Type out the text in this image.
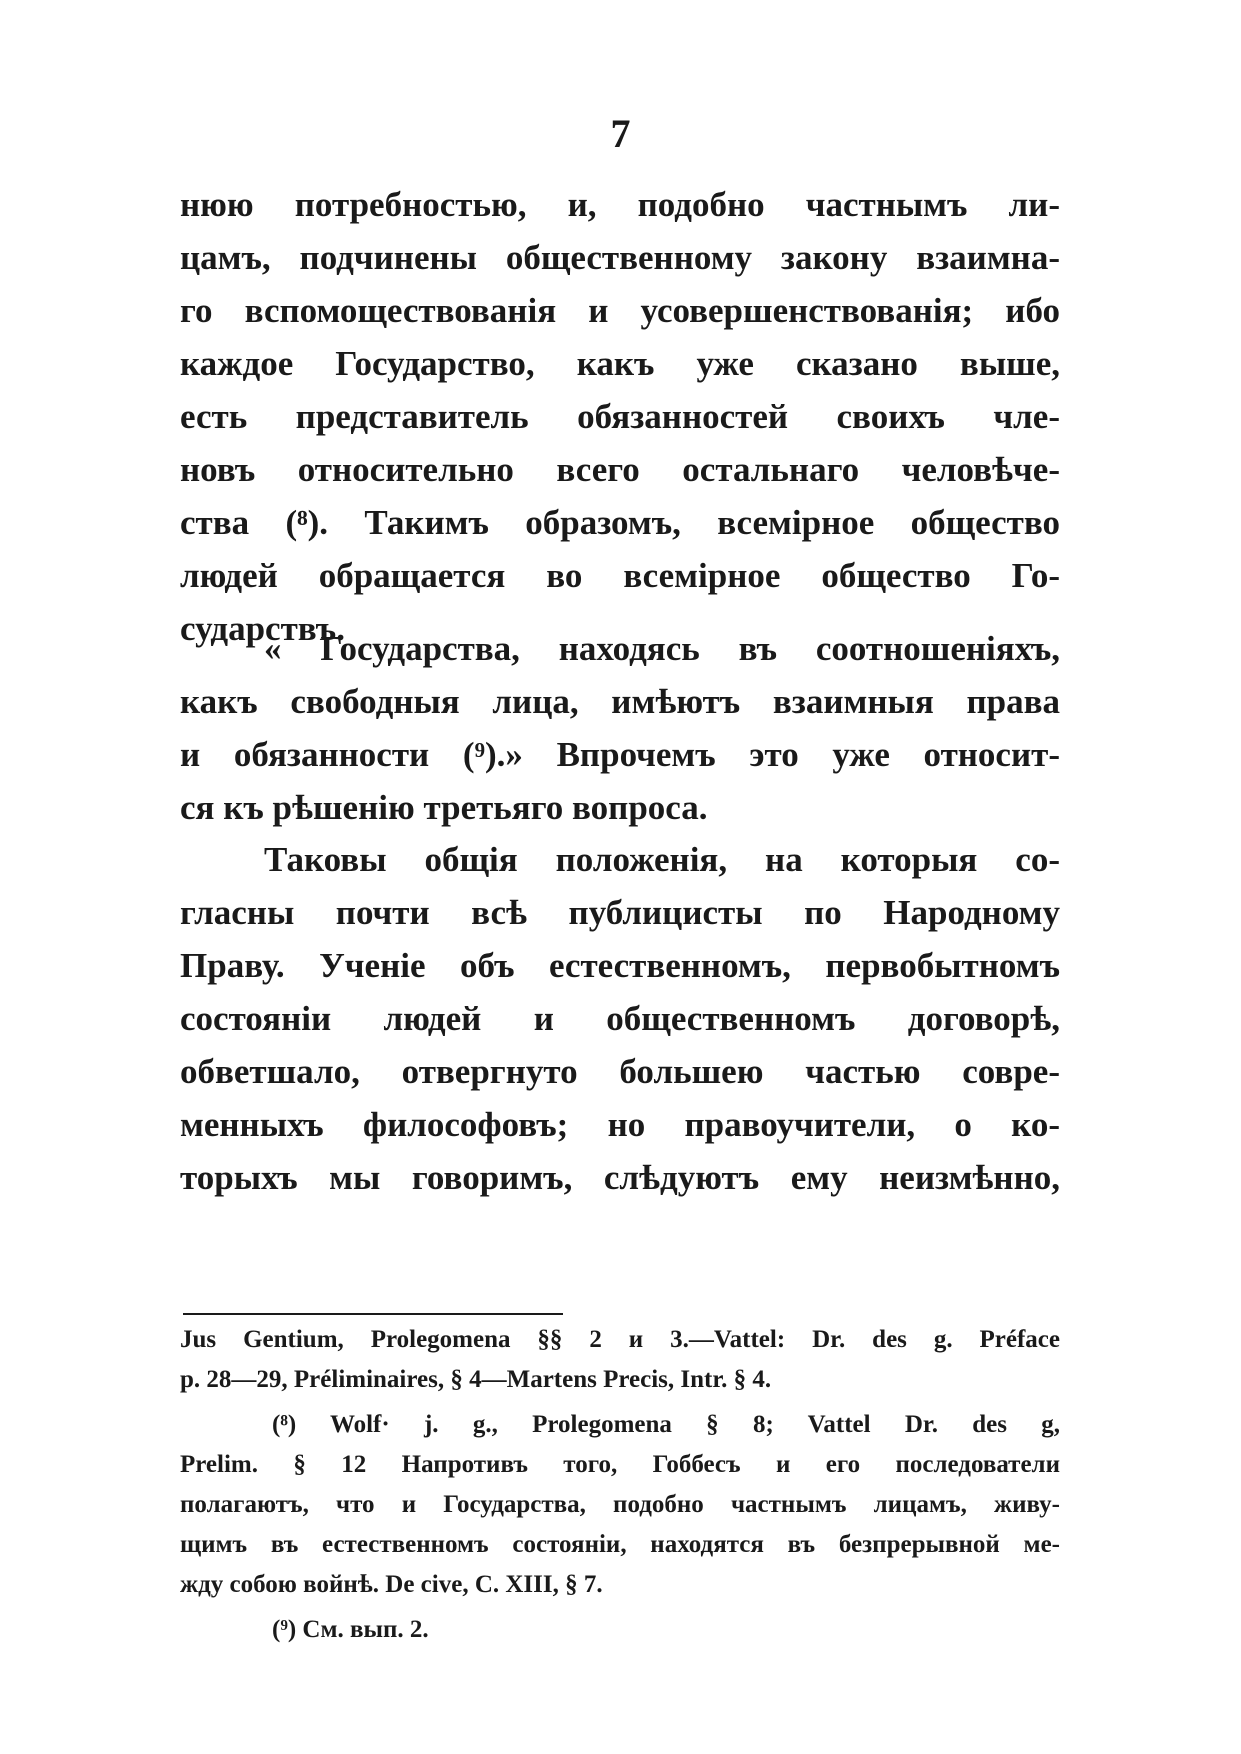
7
нюю потребностью, и, подобно частнымъ ли-
цамъ, подчинены общественному закону взаимна-
го вспомоществованія и усовершенствованія; ибо
каждое Государство, какъ уже сказано выше,
есть представитель обязанностей своихъ чле-
новъ относительно всего остальнаго человѣче-
ства (⁸). Такимъ образомъ, всемірное общество
людей обращается во всемірное общество Го-
сударствъ.
« Государства, находясь въ соотношеніяхъ,
какъ свободныя лица, имѣютъ взаимныя права
и обязанности (⁹).» Впрочемъ это уже относит-
ся къ рѣшенію третьяго вопроса.
Таковы общія положенія, на которыя со-
гласны почти всѣ публицисты по Народному
Праву. Ученіе объ естественномъ, первобытномъ
состояніи людей и общественномъ договорѣ,
обветшало, отвергнуто большею частью совре-
менныхъ философовъ; но правоучители, о ко-
торыхъ мы говоримъ, слѣдуютъ ему неизмѣнно,
Jus Gentium, Prolegomena §§ 2 и 3.—Vattel: Dr. des g. Préface
p. 28—29, Préliminaires, § 4—Martens Precis, Intr. § 4.
(⁸) Wolf· j. g., Prolegomena § 8; Vattel Dr. des g,
Prelim. § 12 Напротивъ того, Гоббесъ и его последователи
полагаютъ, что и Государства, подобно частнымъ лицамъ, живу-
щимъ въ естественномъ состояніи, находятся въ безпрерывной ме-
жду собою войнѣ. De cive, C. XIII, § 7.
(⁹) См. вып. 2.
